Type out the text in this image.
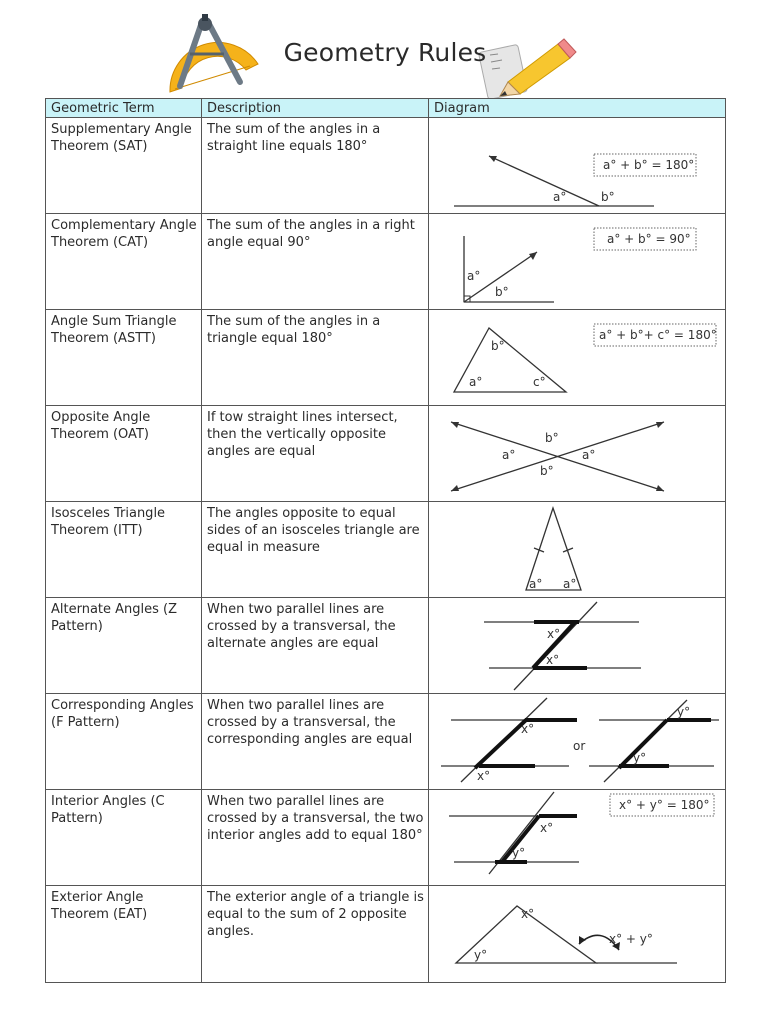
Geometry Rules
Geometric Term	Description	Diagram
Supplementary Angle Theorem (SAT)	The sum of the angles in a straight line equals 180°	a° + b° = 180°
a° b°

Complementary Angle Theorem (CAT)	The sum of the angles in a right angle equal 90°	a° + b° = 90°
a°
b°

Angle Sum Triangle Theorem (ASTT)	The sum of the angles in a triangle equal 180°	a° + b°+ c° = 180°
a°
b°
c°

Opposite Angle Theorem (OAT)	If tow straight lines intersect, then the vertically opposite angles are equal	b°
a° a°
b°

Isosceles Triangle Theorem (ITT)	The angles opposite to equal sides of an isosceles triangle are equal in measure	a° a°

Alternate Angles (Z Pattern)	When two parallel lines are crossed by a transversal, the alternate angles are equal	x°
x°

Corresponding Angles (F Pattern)	When two parallel lines are crossed by a transversal, the corresponding angles are equal	x°
x°
or
y°
y°

Interior Angles (C Pattern)	When two parallel lines are crossed by a transversal, the two interior angles add to equal 180°	x° + y° = 180°
x°
y°

Exterior Angle Theorem (EAT)	The exterior angle of a triangle is equal to the sum of 2 opposite angles.	x°
y°
x° + y°
